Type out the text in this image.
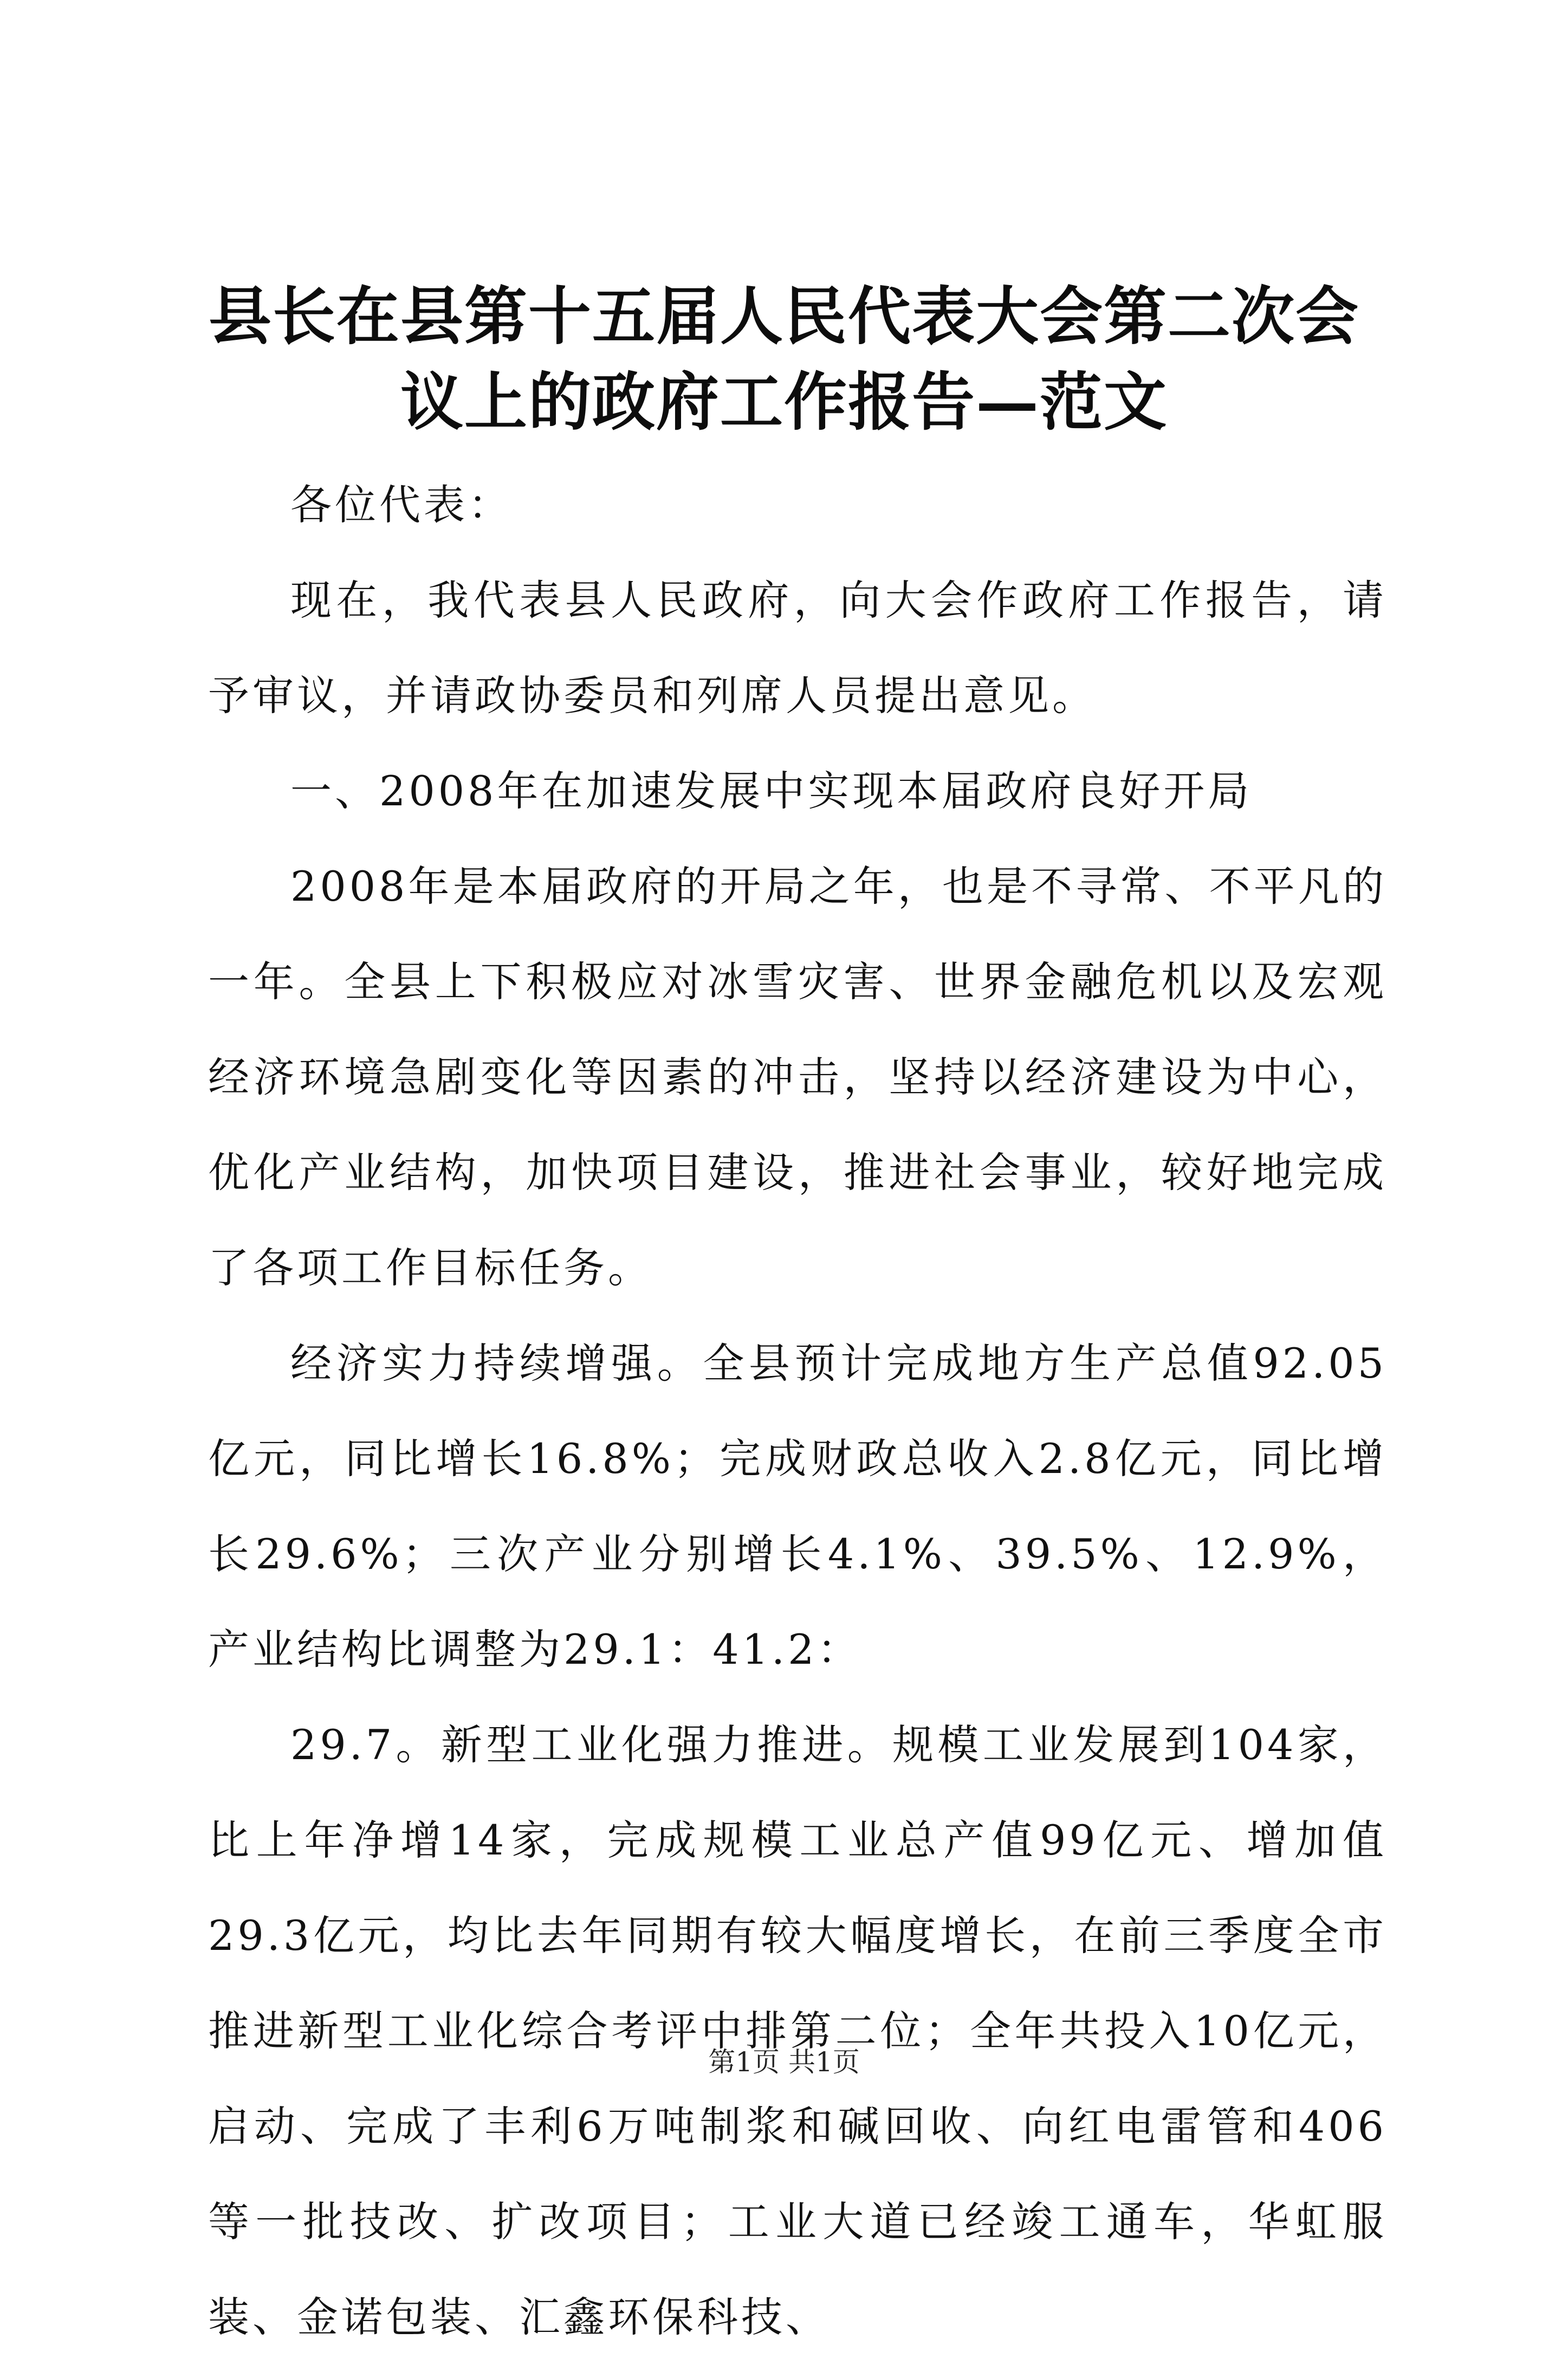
县长在县第十五届人民代表大会第二次会议上的政府工作报告—范文

各位代表：

现在，我代表县人民政府，向大会作政府工作报告，请予审议，并请政协委员和列席人员提出意见。

一、2008年在加速发展中实现本届政府良好开局

2008年是本届政府的开局之年，也是不寻常、不平凡的一年。全县上下积极应对冰雪灾害、世界金融危机以及宏观经济环境急剧变化等因素的冲击，坚持以经济建设为中心，优化产业结构，加快项目建设，推进社会事业，较好地完成了各项工作目标任务。

经济实力持续增强。全县预计完成地方生产总值92.05亿元，同比增长16.8%；完成财政总收入2.8亿元，同比增长29.6%；三次产业分别增长4.1%、39.5%、12.9%，产业结构比调整为29.1：41.2：

29.7。新型工业化强力推进。规模工业发展到104家，比上年净增14家，完成规模工业总产值99亿元、增加值29.3亿元，均比去年同期有较大幅度增长，在前三季度全市推进新型工业化综合考评中排第二位；全年共投入10亿元，启动、完成了丰利6万吨制浆和碱回收、向红电雷管和406等一批技改、扩改项目；工业大道已经竣工通车，华虹服装、金诺包装、汇鑫环保科技、

第1页 共1页
